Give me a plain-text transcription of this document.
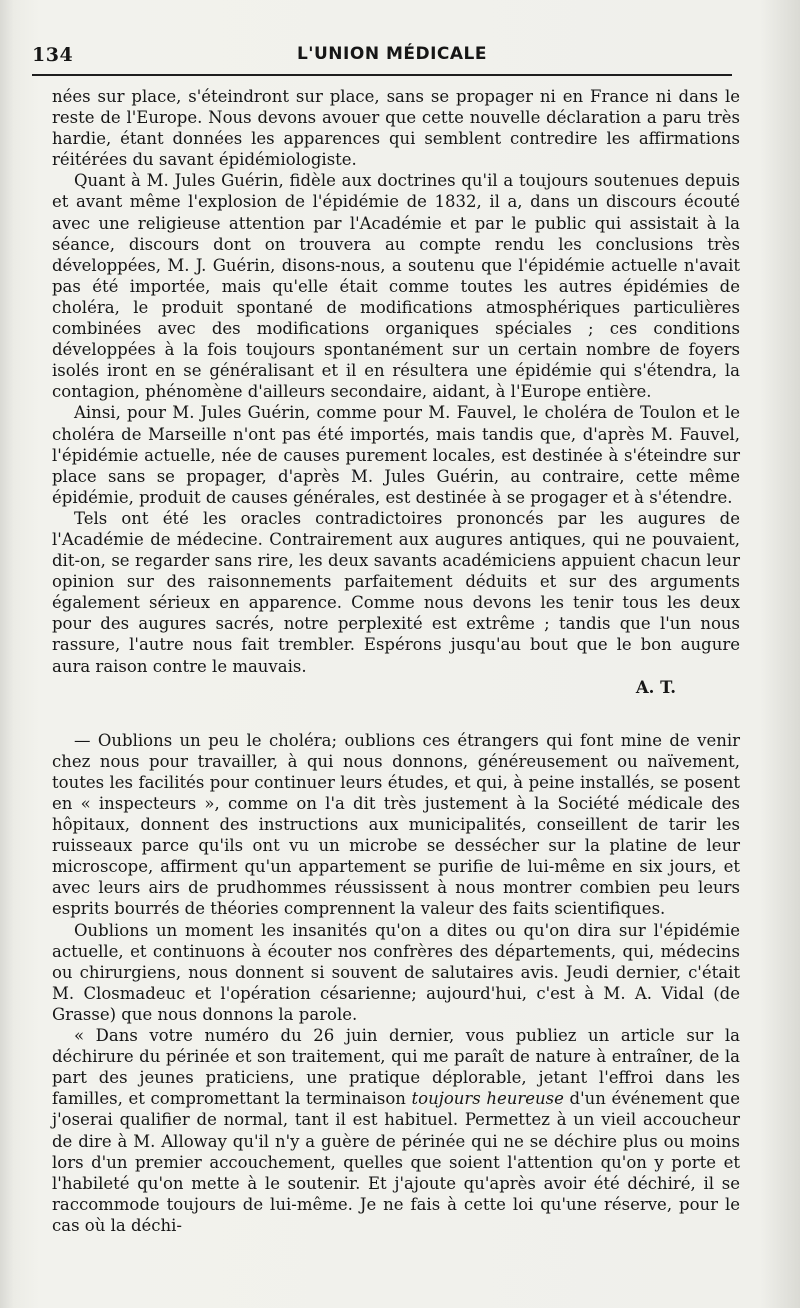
134	L'UNION MÉDICALE

nées sur place, s'éteindront sur place, sans se propager ni en France ni dans le reste de l'Europe. Nous devons avouer que cette nouvelle déclaration a paru très hardie, étant données les apparences qui semblent contredire les affirmations réitérées du savant épidémiologiste.

Quant à M. Jules Guérin, fidèle aux doctrines qu'il a toujours soutenues depuis et avant même l'explosion de l'épidémie de 1832, il a, dans un discours écouté avec une religieuse attention par l'Académie et par le public qui assistait à la séance, discours dont on trouvera au compte rendu les conclusions très développées, M. J. Guérin, disons-nous, a soutenu que l'épidémie actuelle n'avait pas été importée, mais qu'elle était comme toutes les autres épidémies de choléra, le produit spontané de modifications atmosphériques particulières combinées avec des modifications organiques spéciales ; ces conditions développées à la fois toujours spontanément sur un certain nombre de foyers isolés iront en se généralisant et il en résultera une épidémie qui s'étendra, la contagion, phénomène d'ailleurs secondaire, aidant, à l'Europe entière.

Ainsi, pour M. Jules Guérin, comme pour M. Fauvel, le choléra de Toulon et le choléra de Marseille n'ont pas été importés, mais tandis que, d'après M. Fauvel, l'épidémie actuelle, née de causes purement locales, est destinée à s'éteindre sur place sans se propager, d'après M. Jules Guérin, au contraire, cette même épidémie, produit de causes générales, est destinée à se progager et à s'étendre.

Tels ont été les oracles contradictoires prononcés par les augures de l'Académie de médecine. Contrairement aux augures antiques, qui ne pouvaient, dit-on, se regarder sans rire, les deux savants académiciens appuient chacun leur opinion sur des raisonnements parfaitement déduits et sur des arguments également sérieux en apparence. Comme nous devons les tenir tous les deux pour des augures sacrés, notre perplexité est extrême ; tandis que l'un nous rassure, l'autre nous fait trembler. Espérons jusqu'au bout que le bon augure aura raison contre le mauvais.

A. T.

— Oublions un peu le choléra; oublions ces étrangers qui font mine de venir chez nous pour travailler, à qui nous donnons, généreusement ou naïvement, toutes les facilités pour continuer leurs études, et qui, à peine installés, se posent en « inspecteurs », comme on l'a dit très justement à la Société médicale des hôpitaux, donnent des instructions aux municipalités, conseillent de tarir les ruisseaux parce qu'ils ont vu un microbe se dessécher sur la platine de leur microscope, affirment qu'un appartement se purifie de lui-même en six jours, et avec leurs airs de prudhommes réussissent à nous montrer combien peu leurs esprits bourrés de théories comprennent la valeur des faits scientifiques.

Oublions un moment les insanités qu'on a dites ou qu'on dira sur l'épidémie actuelle, et continuons à écouter nos confrères des départements, qui, médecins ou chirurgiens, nous donnent si souvent de salutaires avis. Jeudi dernier, c'était M. Closmadeuc et l'opération césarienne; aujourd'hui, c'est à M. A. Vidal (de Grasse) que nous donnons la parole.

« Dans votre numéro du 26 juin dernier, vous publiez un article sur la déchirure du périnée et son traitement, qui me paraît de nature à entraîner, de la part des jeunes praticiens, une pratique déplorable, jetant l'effroi dans les familles, et compromettant la terminaison toujours heureuse d'un événement que j'oserai qualifier de normal, tant il est habituel. Permettez à un vieil accoucheur de dire à M. Alloway qu'il n'y a guère de périnée qui ne se déchire plus ou moins lors d'un premier accouchement, quelles que soient l'attention qu'on y porte et l'habileté qu'on mette à le soutenir. Et j'ajoute qu'après avoir été déchiré, il se raccommode toujours de lui-même. Je ne fais à cette loi qu'une réserve, pour le cas où la déchi-
